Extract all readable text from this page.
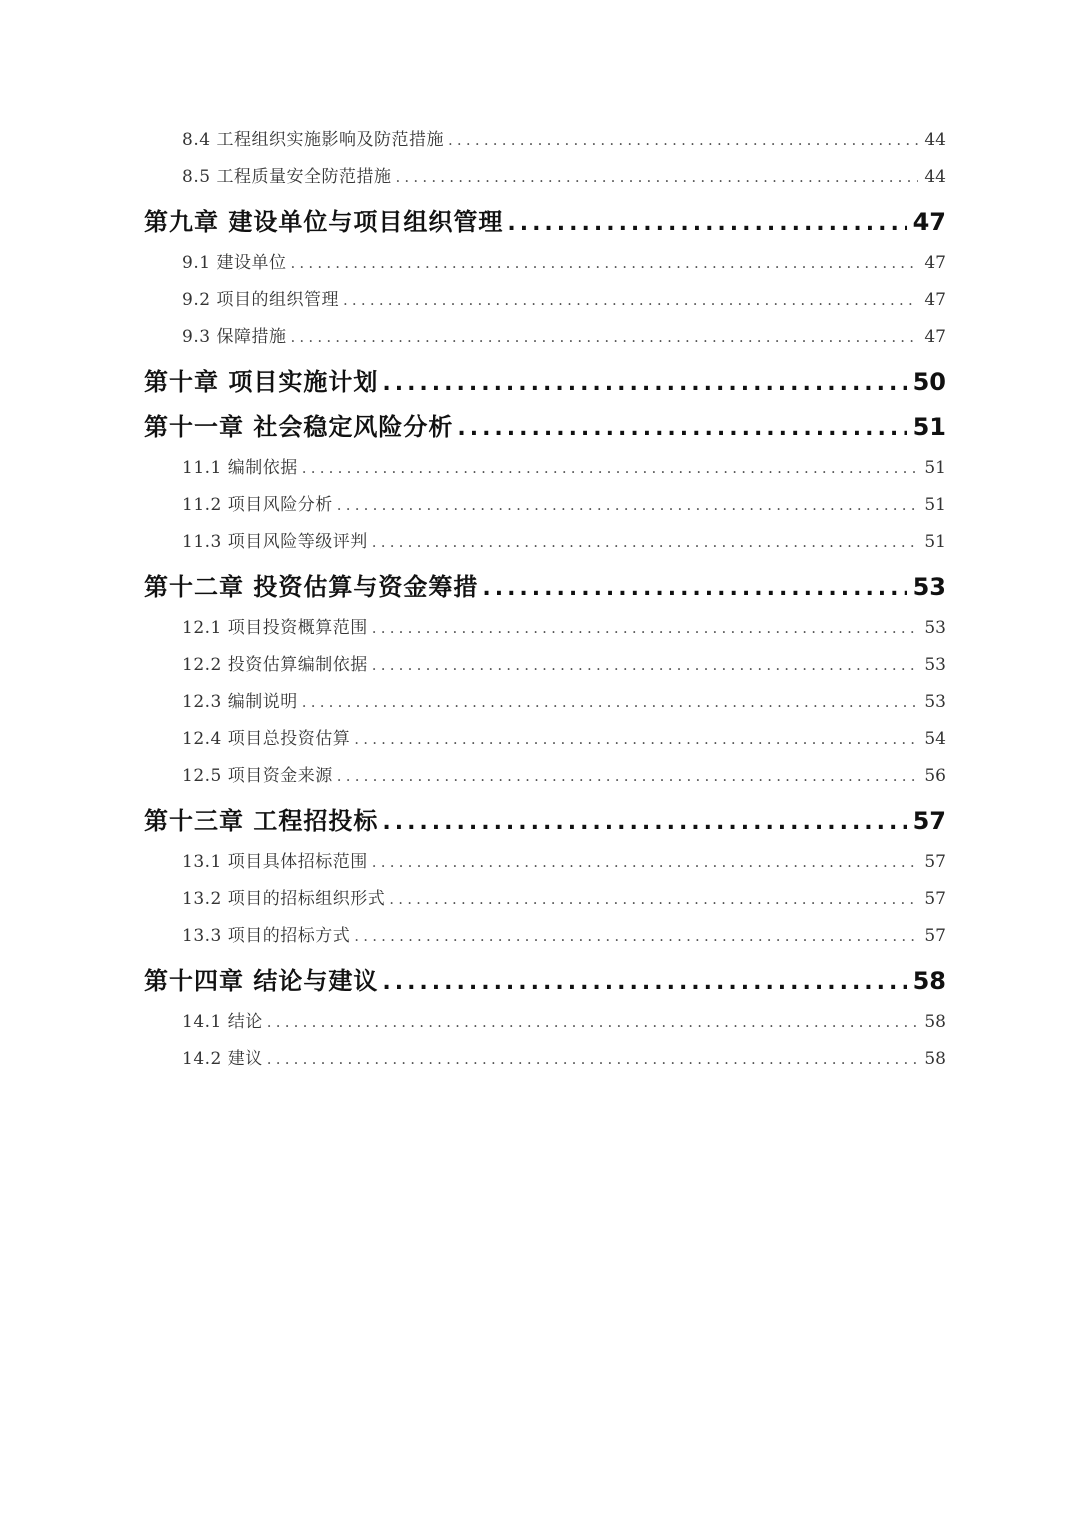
8.4 工程组织实施影响及防范措施 .....	44
8.5 工程质量安全防范措施 .....	44
第九章 建设单位与项目组织管理 .....	47
9.1 建设单位 .....	47
9.2 项目的组织管理 .....	47
9.3 保障措施 .....	47
第十章 项目实施计划 .....	50
第十一章 社会稳定风险分析 .....	51
11.1 编制依据 .....	51
11.2 项目风险分析 .....	51
11.3 项目风险等级评判 .....	51
第十二章 投资估算与资金筹措 .....	53
12.1 项目投资概算范围 .....	53
12.2 投资估算编制依据 .....	53
12.3 编制说明 .....	53
12.4 项目总投资估算 .....	54
12.5 项目资金来源 .....	56
第十三章 工程招投标 .....	57
13.1 项目具体招标范围 .....	57
13.2 项目的招标组织形式 .....	57
13.3 项目的招标方式 .....	57
第十四章 结论与建议 .....	58
14.1 结论 .....	58
14.2 建议 .....	58
